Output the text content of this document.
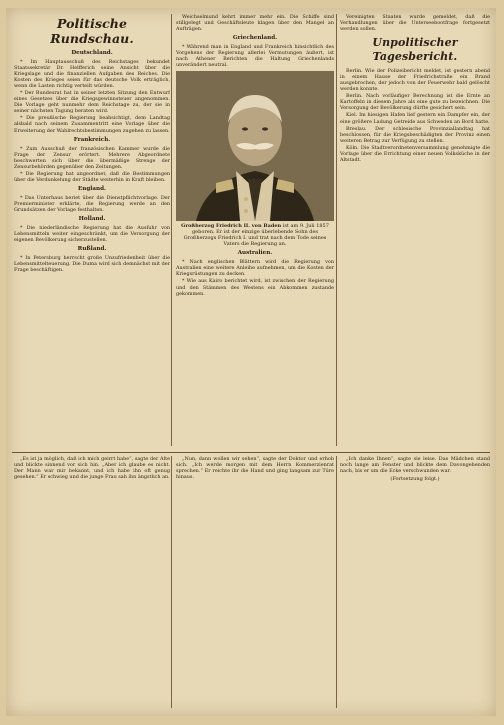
Politische Rundschau.
Deutschland.

* Im Hauptausschuß des Reichstages bekundet Staatssekretär Dr. Helfferich seine Ansicht über die Kriegslage und die finanziellen Aufgaben des Reiches. Die Kosten des Krieges seien für das deutsche Volk erträglich, wenn die Lasten richtig verteilt würden.

* Der Bundesrat hat in seiner letzten Sitzung den Entwurf eines Gesetzes über die Kriegsgewinnsteuer angenommen. Die Vorlage geht nunmehr dem Reichstage zu, der sie in seiner nächsten Tagung beraten wird.

* Die preußische Regierung beabsichtigt, dem Landtag alsbald nach seinem Zusammentritt eine Vorlage über die Erweiterung der Wahlrechtsbestimmungen zugehen zu lassen.

Frankreich.

* Zum Ausschuß der französischen Kammer wurde die Frage der Zensur erörtert. Mehrere Abgeordnete beschwerten sich über die übermäßige Strenge der Zensurbehörden gegenüber den Zeitungen.

* Die Regierung hat angeordnet, daß die Bestimmungen über die Verdunkelung der Städte weiterhin in Kraft bleiben.

England.

* Das Unterhaus beriet über die Dienstpflichtvorlage. Der Premierminister erklärte, die Regierung werde an den Grundsätzen der Vorlage festhalten.

Holland.

* Die niederländische Regierung hat die Ausfuhr von Lebensmitteln weiter eingeschränkt, um die Versorgung der eigenen Bevölkerung sicherzustellen.

Rußland.

* In Petersburg herrscht große Unzufriedenheit über die Lebensmittelteuerung. Die Duma wird sich demnächst mit der Frage beschäftigen.

Weichselmund kehrt immer mehr ein. Die Schiffe sind stillgelegt und Geschäftsleute klagen über den Mangel an Aufträgen.

Griechenland.

* Während man in England und Frankreich hinsichtlich des Vorgehens der Regierung allerlei Vermutungen äußert, ist nach Athener Berichten die Haltung Griechenlands unverändert neutral.

Großherzog Friedrich II. von Baden ist am 9. Juli 1857 geboren. Er ist der einzige überlebende Sohn des Großherzogs Friedrich I. und trat nach dem Tode seines Vaters die Regierung an.
Australien.

* Nach englischen Blättern wird die Regierung von Australien eine weitere Anleihe aufnehmen, um die Kosten der Kriegsrüstungen zu decken.

* Wie aus Kairo berichtet wird, ist zwischen der Regierung und den Stämmen des Westens ein Abkommen zustande gekommen.

Vereinigten Staaten wurde gemeldet, daß die Verhandlungen über die Unterseebootfrage fortgesetzt werden sollen.

Unpolitischer Tagesbericht.

Berlin. Wie der Polizeibericht meldet, ist gestern abend in einem Hause der Friedrichstraße ein Brand ausgebrochen, der jedoch von der Feuerwehr bald gelöscht werden konnte.

Berlin. Nach vorläufiger Berechnung ist die Ernte an Kartoffeln in diesem Jahre als eine gute zu bezeichnen. Die Versorgung der Bevölkerung dürfte gesichert sein.

Kiel. Im hiesigen Hafen lief gestern ein Dampfer ein, der eine größere Ladung Getreide aus Schweden an Bord hatte.

Breslau. Der schlesische Provinziallandtag hat beschlossen, für die Kriegsbeschädigten der Provinz einen weiteren Betrag zur Verfügung zu stellen.

Köln. Die Stadtverordnetenversammlung genehmigte die Vorlage über die Errichtung einer neuen Volksküche in der Altstadt.

„Es ist ja möglich, daß ich mich geirrt habe“, sagte der Alte und blickte sinnend vor sich hin. „Aber ich glaube es nicht. Der Mann war mir bekannt, und ich habe ihn oft genug gesehen.“ Er schwieg und die junge Frau sah ihn ängstlich an.

„Nun, dann wollen wir sehen“, sagte der Doktor und erhob sich. „Ich werde morgen mit dem Herrn Kommerzienrat sprechen.“ Er reichte ihr die Hand und ging langsam zur Türe hinaus.

„Ich danke Ihnen“, sagte sie leise. Das Mädchen stand noch lange am Fenster und blickte dem Davongehenden nach, bis er um die Ecke verschwunden war.

(Fortsetzung folgt.)
